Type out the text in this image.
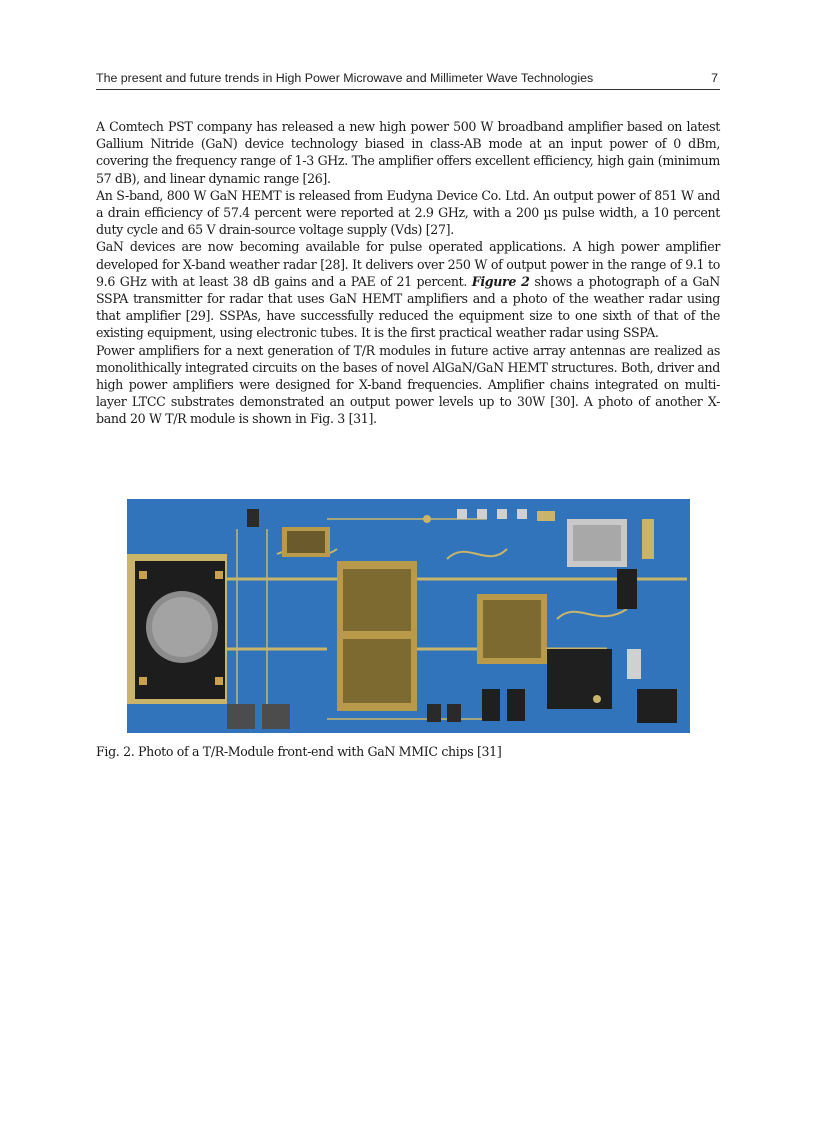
The present and future trends in High Power Microwave and Millimeter Wave Technologies	7

A Comtech PST company has released a new high power 500 W broadband amplifier based on latest Gallium Nitride (GaN) device technology biased in class-AB mode at an input power of 0 dBm, covering the frequency range of 1-3 GHz. The amplifier offers excellent efficiency, high gain (minimum 57 dB), and linear dynamic range [26].

An S-band, 800 W GaN HEMT is released from Eudyna Device Co. Ltd. An output power of 851 W and a drain efficiency of 57.4 percent were reported at 2.9 GHz, with a 200 µs pulse width, a 10 percent duty cycle and 65 V drain-source voltage supply (Vds) [27].

GaN devices are now becoming available for pulse operated applications. A high power amplifier developed for X-band weather radar [28]. It delivers over 250 W of output power in the range of 9.1 to 9.6 GHz with at least 38 dB gains and a PAE of 21 percent. Figure 2 shows a photograph of a GaN SSPA transmitter for radar that uses GaN HEMT amplifiers and a photo of the weather radar using that amplifier [29]. SSPAs, have successfully reduced the equipment size to one sixth of that of the existing equipment, using electronic tubes. It is the first practical weather radar using SSPA.

Power amplifiers for a next generation of T/R modules in future active array antennas are realized as monolithically integrated circuits on the bases of novel AlGaN/GaN HEMT structures. Both, driver and high power amplifiers were designed for X-band frequencies. Amplifier chains integrated on multi-layer LTCC substrates demonstrated an output power levels up to 30W [30]. A photo of another X-band 20 W T/R module is shown in Fig. 3 [31].

Fig. 2. Photo of a T/R-Module front-end with GaN MMIC chips [31]
